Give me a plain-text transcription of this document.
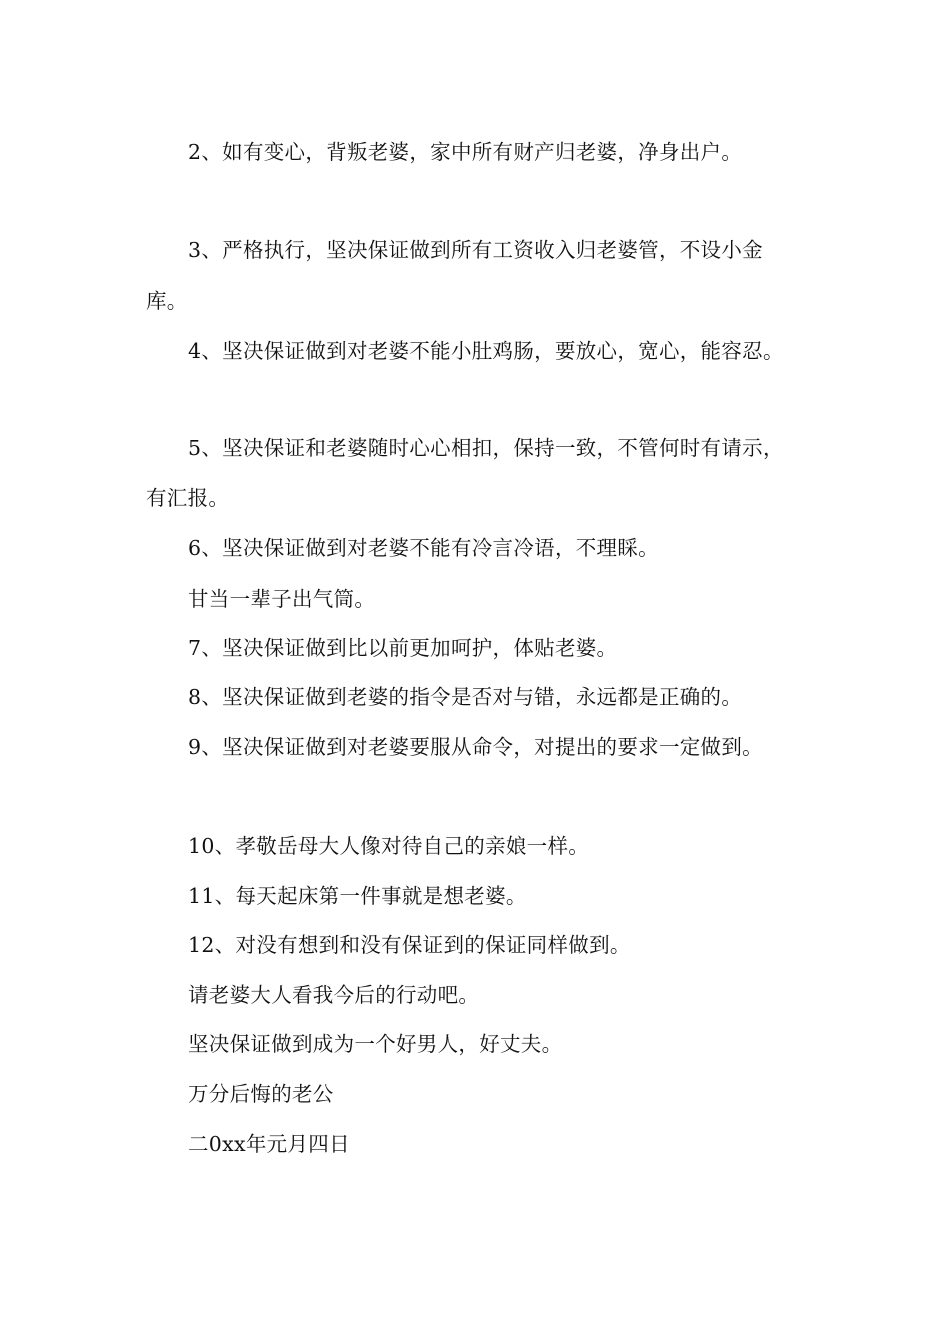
2、如有变心，背叛老婆，家中所有财产归老婆，净身出户。
3、严格执行，坚决保证做到所有工资收入归老婆管，不设小金
库。
4、坚决保证做到对老婆不能小肚鸡肠，要放心，宽心，能容忍。
5、坚决保证和老婆随时心心相扣，保持一致，不管何时有请示，
有汇报。
6、坚决保证做到对老婆不能有冷言冷语，不理睬。
甘当一辈子出气筒。
7、坚决保证做到比以前更加呵护，体贴老婆。
8、坚决保证做到老婆的指令是否对与错，永远都是正确的。
9、坚决保证做到对老婆要服从命令，对提出的要求一定做到。
10、孝敬岳母大人像对待自己的亲娘一样。
11、每天起床第一件事就是想老婆。
12、对没有想到和没有保证到的保证同样做到。
请老婆大人看我今后的行动吧。
坚决保证做到成为一个好男人，好丈夫。
万分后悔的老公
二0xx年元月四日
